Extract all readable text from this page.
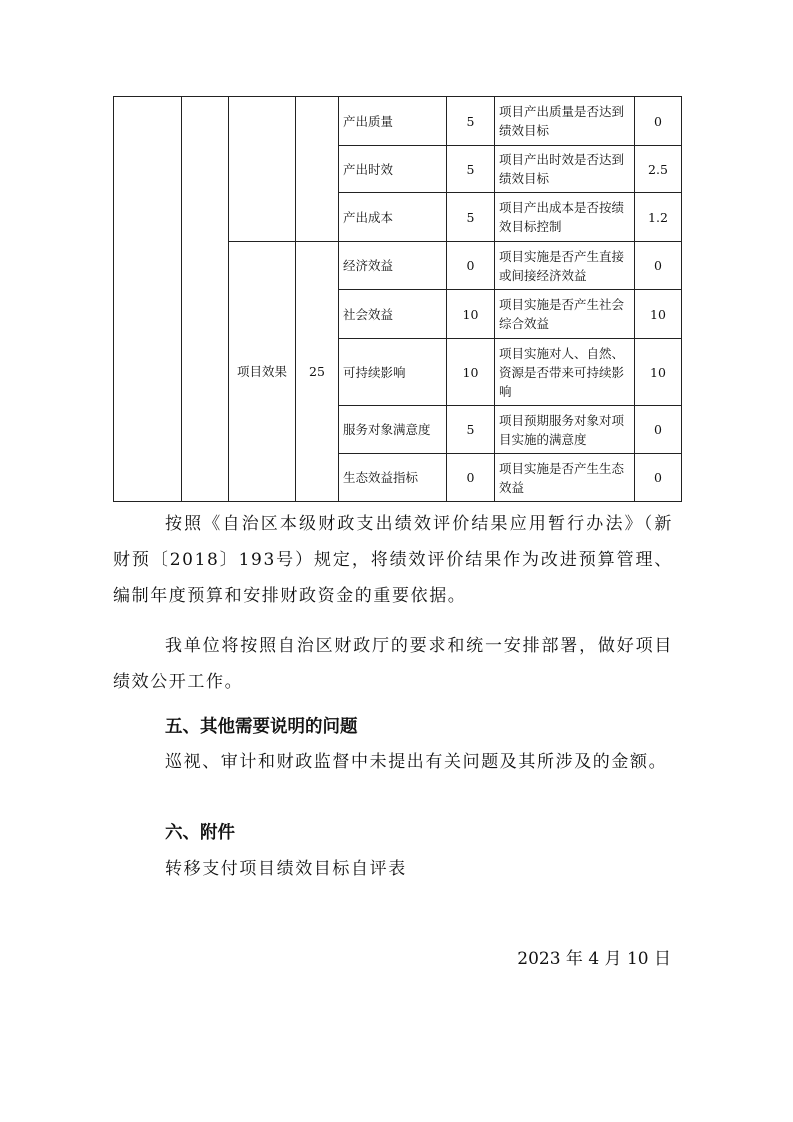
				产出质量	5	项目产出质量是否达到绩效目标	0
				产出时效	5	项目产出时效是否达到绩效目标	2.5
				产出成本	5	项目产出成本是否按绩效目标控制	1.2
		项目效果	25	经济效益	0	项目实施是否产生直接或间接经济效益	0
				社会效益	10	项目实施是否产生社会综合效益	10
				可持续影响	10	项目实施对人、自然、资源是否带来可持续影响	10
				服务对象满意度	5	项目预期服务对象对项目实施的满意度	0
				生态效益指标	0	项目实施是否产生生态效益	0

按照《自治区本级财政支出绩效评价结果应用暂行办法》（新财预〔2018〕193号）规定，将绩效评价结果作为改进预算管理、编制年度预算和安排财政资金的重要依据。

我单位将按照自治区财政厅的要求和统一安排部署，做好项目绩效公开工作。

五、其他需要说明的问题

巡视、审计和财政监督中未提出有关问题及其所涉及的金额。

六、附件

转移支付项目绩效目标自评表

2023 年 4 月 10 日
